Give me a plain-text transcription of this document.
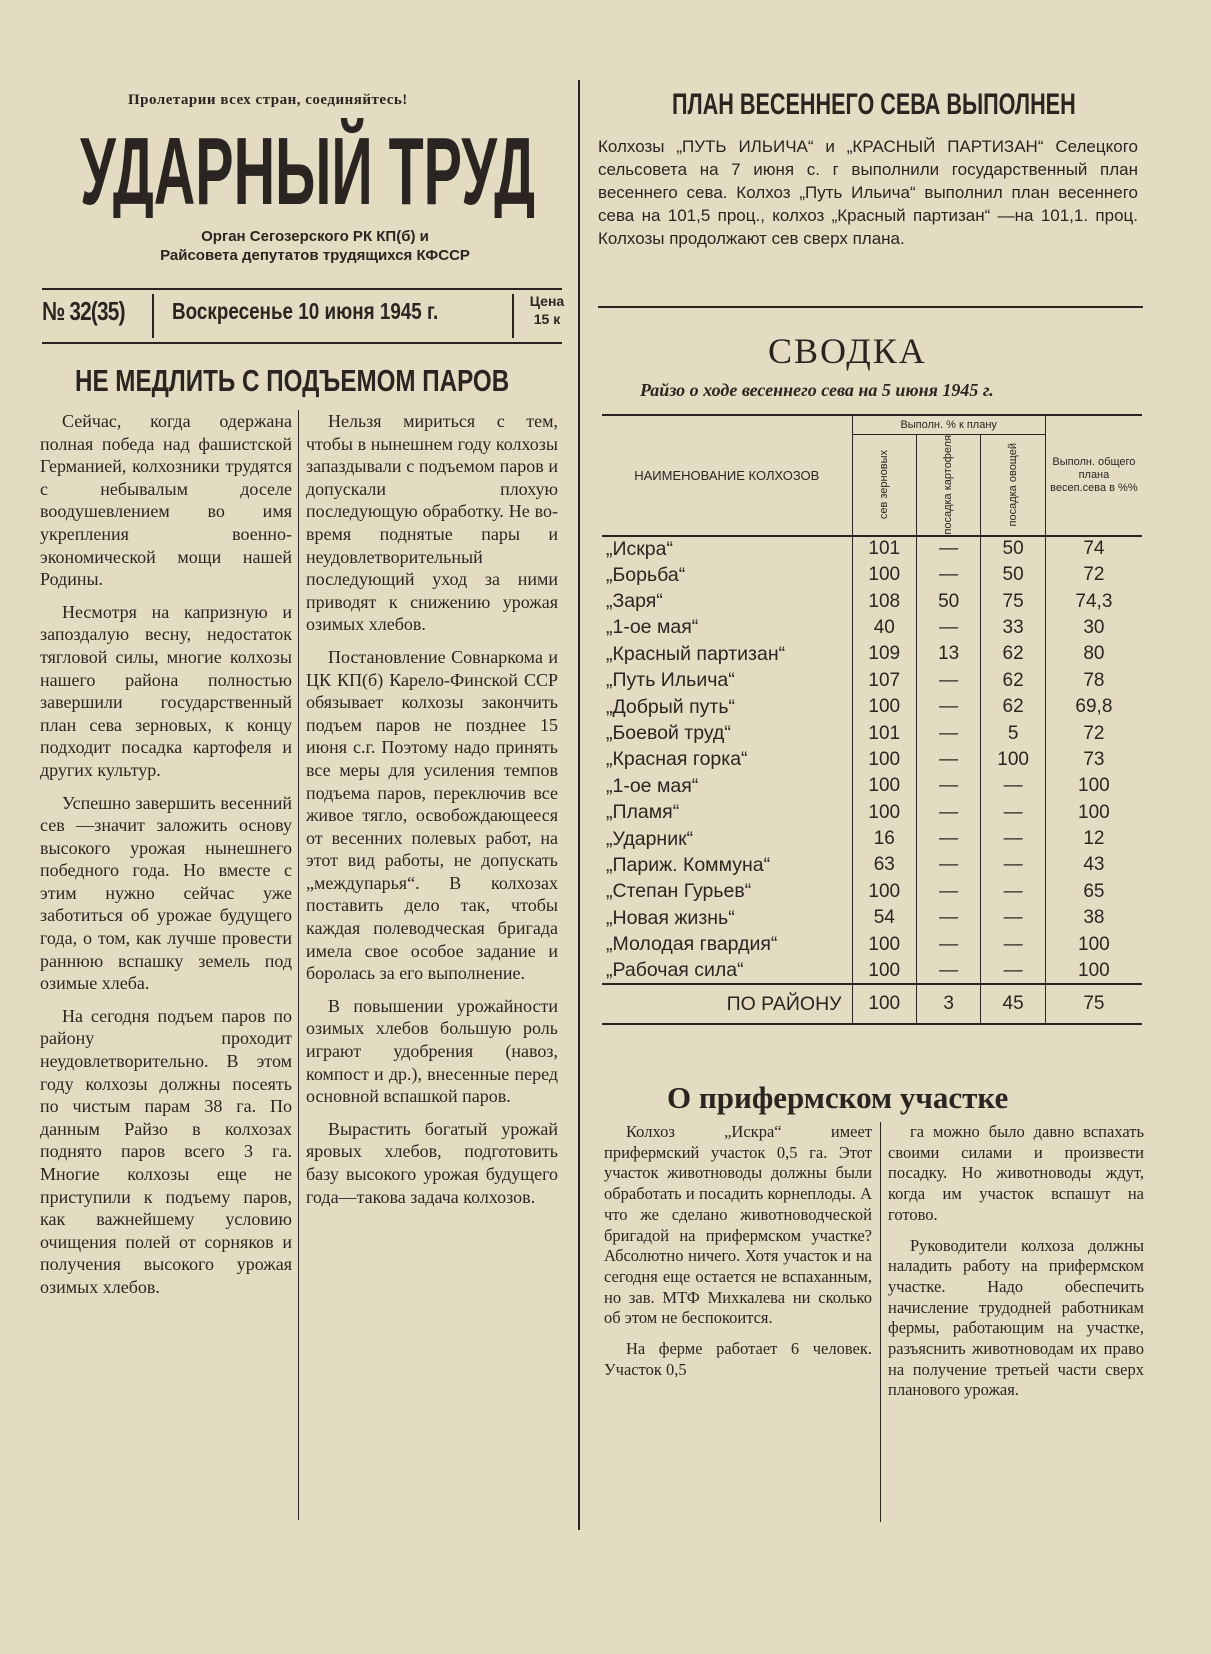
Пролетарии всех стран, соединяйтесь!
УДАРНЫЙ
Орган Сегозерского РК КП(б) и
Райсовета депутатов трудящихся КФССР
№ 32(35) Воскресенье 10 июня 1945 г.	Цена
15 к
НЕ МЕДЛИТЬ С ПОДЪЕМОМ ПАРОВ

Сейчас, когда одержана полная победа над фашистской Германией, колхозники трудятся с небывалым доселе воодушевлением во имя укрепления военно-экономической мощи нашей Родины.

Несмотря на капризную и запоздалую весну, недостаток тягловой силы, многие колхозы нашего района полностью завершили государственный план сева зерновых, к концу подходит посадка картофеля и других культур.

Успешно завершить весенний сев —значит заложить основу высокого урожая нынешнего победного года. Но вместе с этим нужно сейчас уже заботиться об урожае будущего года, о том, как лучше провести раннюю вспашку земель под озимые хлеба.

На сегодня подъем паров по району проходит неудовлетворительно. В этом году колхозы должны посеять по чистым парам 38 га. По данным Райзо в колхозах поднято паров всего 3 га. Многие колхозы еще не приступили к подъему паров, как важнейшему условию очищения полей от сорняков и получения высокого урожая озимых хлебов.

Нельзя мириться с тем, чтобы в нынешнем году колхозы запаздывали с подъемом паров и допускали плохую последующую обработку. Не во-время поднятые пары и неудовлетворительный последующий уход за ними приводят к снижению урожая озимых хлебов.

Постановление Совнаркома и ЦК КП(б) Карело-Финской ССР обязывает колхозы закончить подъем паров не позднее 15 июня с.г. Поэтому надо принять все меры для усиления темпов подъема паров, переключив все живое тягло, освобождающееся от весенних полевых работ, на этот вид работы, не допускать „междупарья“. В колхозах поставить дело так, чтобы каждая полеводческая бригада имела свое особое задание и боролась за его выполнение.

В повышении урожайности озимых хлебов большую роль играют удобрения (навоз, компост и др.), внесенные перед основной вспашкой паров.

Вырастить богатый урожай яровых хлебов, подготовить базу высокого урожая будущего года—такова задача колхозов.

ПЛАН ВЕСЕННЕГО СЕВА ВЫПОЛНЕН
Колхозы „ПУТЬ ИЛЬИЧА“ и „КРАСНЫЙ ПАРТИЗАН“ Селецкого сельсовета на 7 июня с. г выполнили государственный план весеннего сева. Колхоз „Путь Ильича“ выполнил план весеннего сева на 101,5 проц., колхоз „Красный партизан“ —на 101,1. проц. Колхозы продолжают сев сверх плана.
СВОДКА
Райзо о ходе весеннего сева на 5 июня 1945 г.
НАИМЕНОВАНИЕ КОЛХОЗОВ	Выполн. % к плану			Выполн. общего плана весеп.сева в %%

	сев зерновых	посадка картофеля	посадка овощей	

„Искра“	101	—	50	74
„Борьба“	100	—	50	72
„Заря“	108	50	75	74,3
„1-ое мая“	40	—	33	30
„Красный партизан“	109	13	62	80
„Путь Ильича“	107	—	62	78
„Добрый путь“	100	—	62	69,8
„Боевой труд“	101	—	5	72
„Красная горка“	100	—	100	73
„1-ое мая“	100	—	—	100
„Пламя“	100	—	—	100
„Ударник“	16	—	—	12
„Париж. Коммуна“	63	—	—	43
„Степан Гурьев“	100	—	—	65
„Новая жизнь“	54	—	—	38
„Молодая гвардия“	100	—	—	100
„Рабочая сила“	100	—	—	100
ПО РАЙОНУ	100	3	45	75
О прифермском участке

Колхоз „Искра“ имеет прифермский участок 0,5 га. Этот участок животноводы должны были обработать и посадить корнеплоды. А что же сделано животноводческой бригадой на прифермском участке? Абсолютно ничего. Хотя участок и на сегодня еще остается не вспаханным, но зав. МТФ Михкалева ни сколько об этом не беспокоится.

На ферме работает 6 человек. Участок 0,5

га можно было давно вспахать своими силами и произвести посадку. Но животноводы ждут, когда им участок вспашут на готово.

Руководители колхоза должны наладить работу на прифермском участке. Надо обеспечить начисление трудодней работникам фермы, работающим на участке, разъяснить животноводам их право на получение третьей части сверх планового урожая.
